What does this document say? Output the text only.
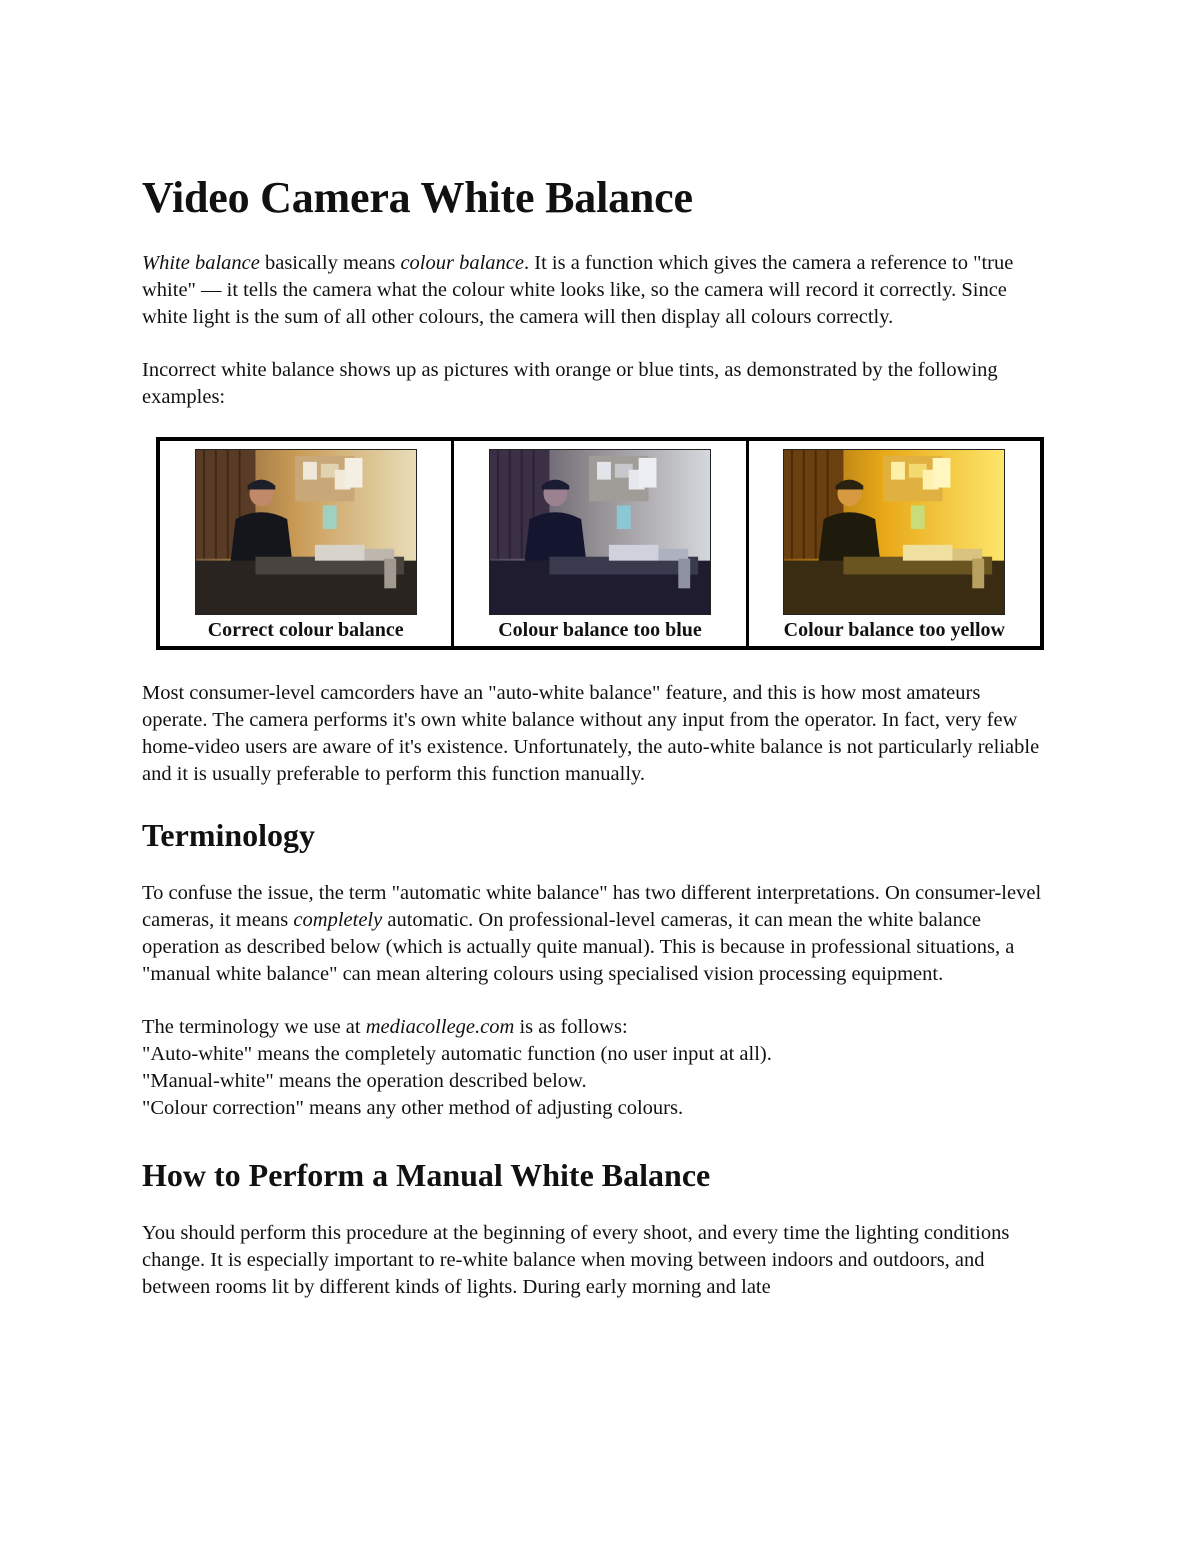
Video Camera White Balance

White balance basically means colour balance. It is a function which gives the camera a reference to "true white" — it tells the camera what the colour white looks like, so the camera will record it correctly. Since white light is the sum of all other colours, the camera will then display all colours correctly.

Incorrect white balance shows up as pictures with orange or blue tints, as demonstrated by the following examples:

Correct colour balance	Colour balance too blue	Colour balance too yellow

Most consumer-level camcorders have an "auto-white balance" feature, and this is how most amateurs operate. The camera performs it's own white balance without any input from the operator. In fact, very few home-video users are aware of it's existence. Unfortunately, the auto-white balance is not particularly reliable and it is usually preferable to perform this function manually.

Terminology

To confuse the issue, the term "automatic white balance" has two different interpretations. On consumer-level cameras, it means completely automatic. On professional-level cameras, it can mean the white balance operation as described below (which is actually quite manual). This is because in professional situations, a "manual white balance" can mean altering colours using specialised vision processing equipment.

The terminology we use at mediacollege.com is as follows:
"Auto-white" means the completely automatic function (no user input at all).
"Manual-white" means the operation described below.
"Colour correction" means any other method of adjusting colours.

How to Perform a Manual White Balance

You should perform this procedure at the beginning of every shoot, and every time the lighting conditions change. It is especially important to re-white balance when moving between indoors and outdoors, and between rooms lit by different kinds of lights. During early morning and late
